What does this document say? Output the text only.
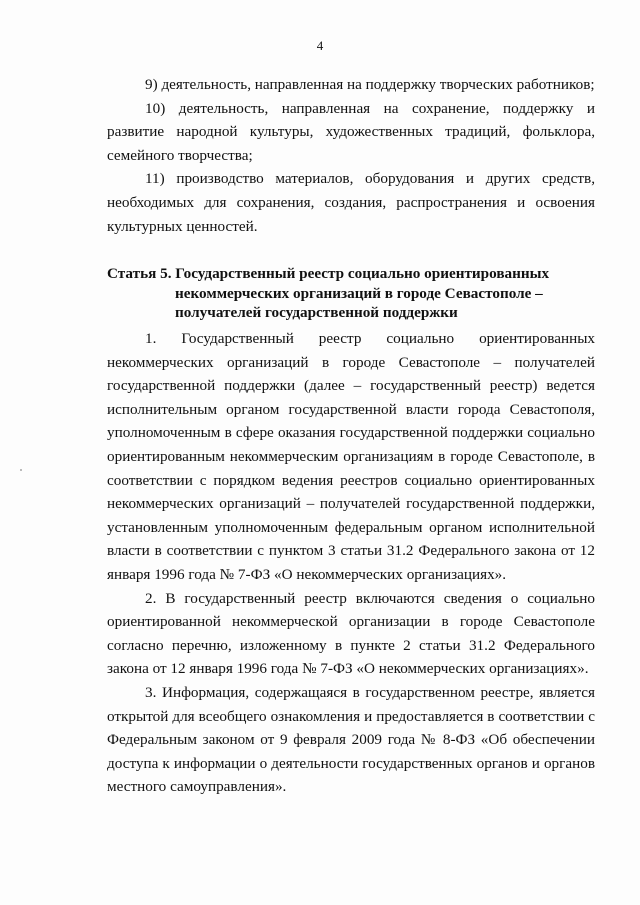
4

9) деятельность, направленная на поддержку творческих работников;

10) деятельность, направленная на сохранение, поддержку и развитие народной культуры, художественных традиций, фольклора, семейного творчества;

11) производство материалов, оборудования и других средств, необходимых для сохранения, создания, распространения и освоения культурных ценностей.

Статья 5. Государственный реестр социально ориентированных
некоммерческих организаций в городе Севастополе –
получателей государственной поддержки

1. Государственный реестр социально ориентированных некоммерческих организаций в городе Севастополе – получателей государственной поддержки (далее – государственный реестр) ведется исполнительным органом государственной власти города Севастополя, уполномоченным в сфере оказания государственной поддержки социально ориентированным некоммерческим организациям в городе Севастополе, в соответствии с порядком ведения реестров социально ориентированных некоммерческих организаций – получателей государственной поддержки, установленным уполномоченным федеральным органом исполнительной власти в соответствии с пунктом 3 статьи 31.2 Федерального закона от 12 января 1996 года № 7-ФЗ «О некоммерческих организациях».

2. В государственный реестр включаются сведения о социально ориентированной некоммерческой организации в городе Севастополе согласно перечню, изложенному в пункте 2 статьи 31.2 Федерального закона от 12 января 1996 года № 7-ФЗ «О некоммерческих организациях».

3. Информация, содержащаяся в государственном реестре, является открытой для всеобщего ознакомления и предоставляется в соответствии с Федеральным законом от 9 февраля 2009 года № 8-ФЗ «Об обеспечении доступа к информации о деятельности государственных органов и органов местного самоуправления».
